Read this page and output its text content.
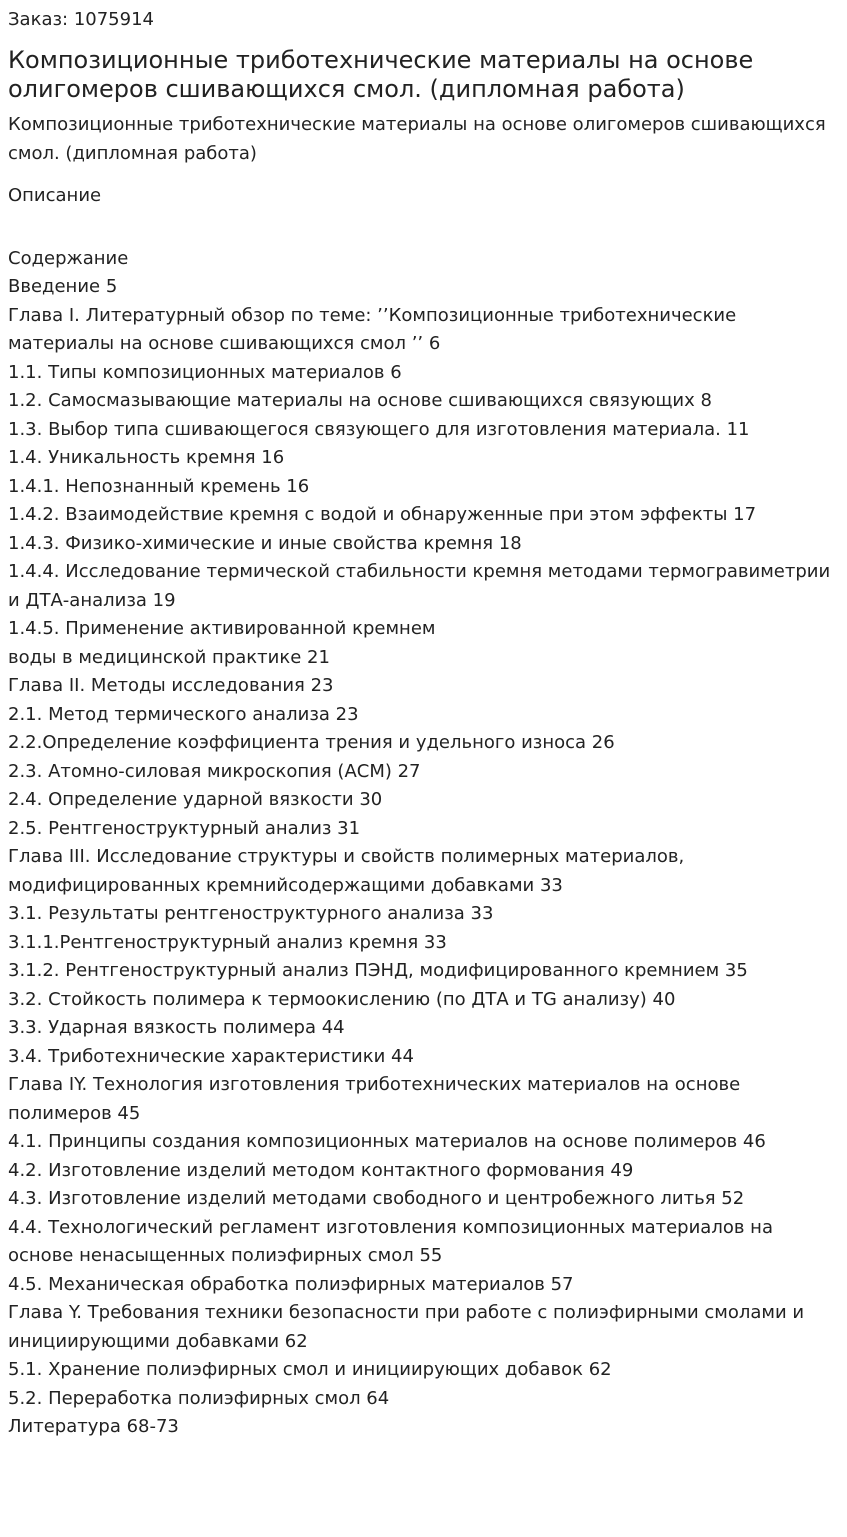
Заказ: 1075914

Композиционные триботехнические материалы на основе олигомеров сшивающихся смол. (дипломная работа)

Композиционные триботехнические материалы на основе олигомеров сшивающихся смол. (дипломная работа)

Описание

Содержание
Введение 5
Глава I. Литературный обзор по теме: ’’Композиционные триботехнические материалы на основе сшивающихся смол ’’ 6
1.1. Типы композиционных материалов 6
1.2. Самосмазывающие материалы на основе сшивающихся связующих 8
1.3. Выбор типа сшивающегося связующего для изготовления материала. 11
1.4. Уникальность кремня 16
1.4.1. Непознанный кремень 16
1.4.2. Взаимодействие кремня с водой и обнаруженные при этом эффекты 17
1.4.3. Физико-химические и иные свойства кремня 18
1.4.4. Исследование термической стабильности кремня методами термогравиметрии и ДТА-анализа 19
1.4.5. Применение активированной кремнем
воды в медицинской практике 21
Глава II. Методы исследования 23
2.1. Метод термического анализа 23
2.2.Определение коэффициента трения и удельного износа 26
2.3. Атомно-силовая микроскопия (АСМ) 27
2.4. Определение ударной вязкости 30
2.5. Рентгеноструктурный анализ 31
Глава III. Исследование структуры и свойств полимерных материалов, модифицированных кремнийсодержащими добавками 33
3.1. Результаты рентгеноструктурного анализа 33
3.1.1.Рентгеноструктурный анализ кремня 33
3.1.2. Рентгеноструктурный анализ ПЭНД, модифицированного кремнием 35
3.2. Стойкость полимера к термоокислению (по ДТА и TG анализу) 40
3.3. Ударная вязкость полимера 44
3.4. Триботехнические характеристики 44
Глава IY. Технология изготовления триботехнических материалов на основе полимеров 45
4.1. Принципы создания композиционных материалов на основе полимеров 46
4.2. Изготовление изделий методом контактного формования 49
4.3. Изготовление изделий методами свободного и центробежного литья 52
4.4. Технологический регламент изготовления композиционных материалов на основе ненасыщенных полиэфирных смол 55
4.5. Механическая обработка полиэфирных материалов 57
Глава Y. Требования техники безопасности при работе с полиэфирными смолами и инициирующими добавками 62
5.1. Хранение полиэфирных смол и инициирующих добавок 62
5.2. Переработка полиэфирных смол 64
Литература 68-73
